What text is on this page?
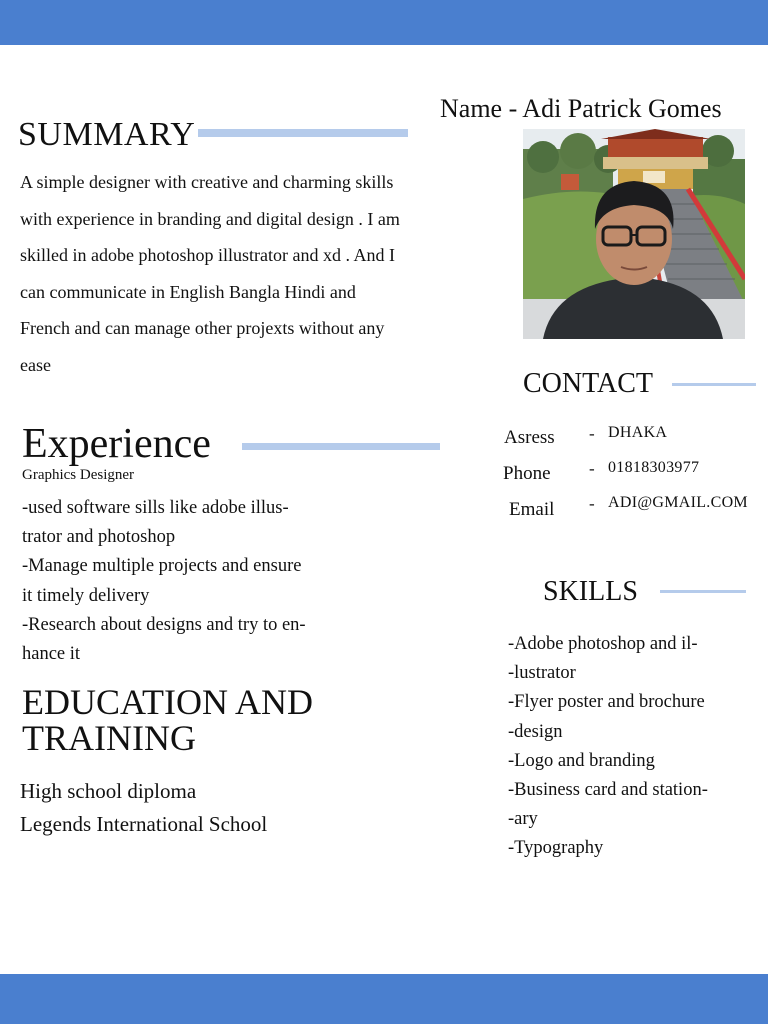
Name - Adi Patrick Gomes
SUMMARY
A simple designer with creative and charming skills
with experience in branding and digital design . I am
skilled in adobe photoshop illustrator and xd . And I
can communicate in English Bangla Hindi and
French and can manage other projexts without any
ease
Experience
Graphics Designer
-used software sills like adobe illus-
trator and photoshop
-Manage multiple projects and ensure
it timely delivery
-Research about designs and try to en-
hance it
EDUCATION AND
TRAINING
High school diploma
Legends International School
CONTACT
Asress - DHAKA
Phone - 01818303977
Email - ADI@GMAIL.COM
SKILLS
-Adobe photoshop and il-
-lustrator
-Flyer poster and brochure
-design
-Logo and branding
-Business card and station-
-ary
-Typography
